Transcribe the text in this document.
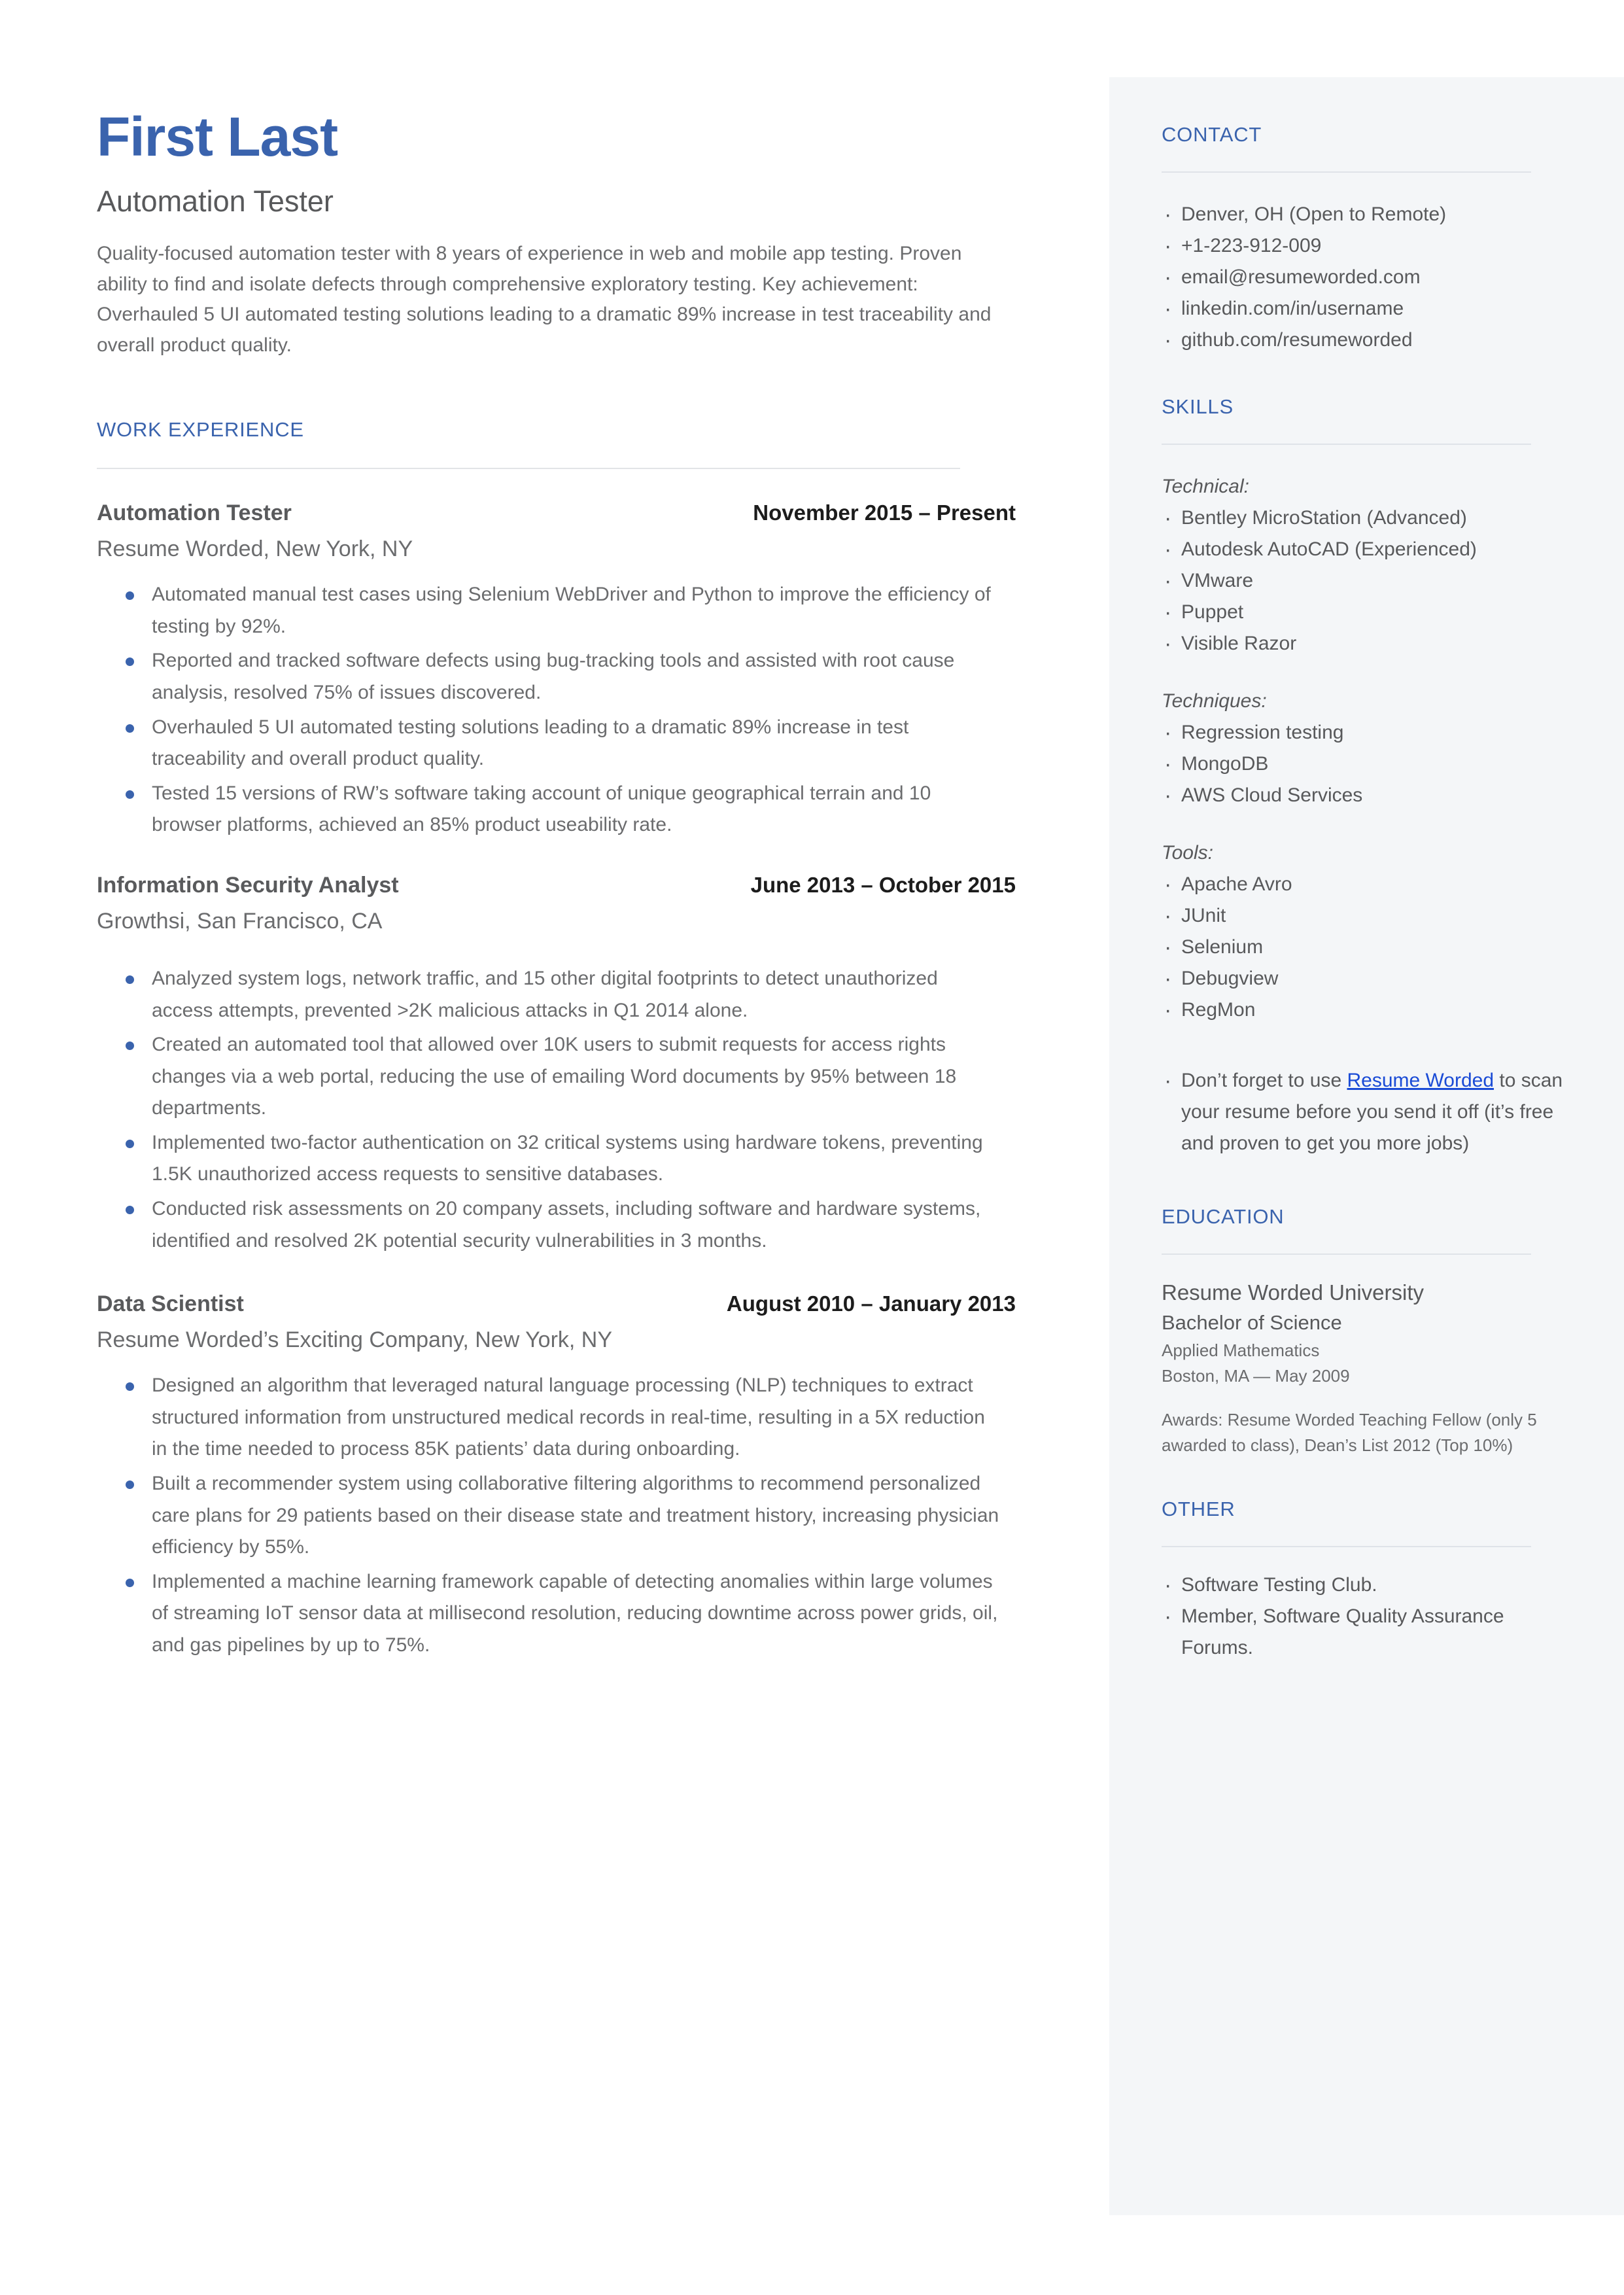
First Last
Automation Tester

Quality-focused automation tester with 8 years of experience in web and mobile app testing. Proven ability to find and isolate defects through comprehensive exploratory testing. Key achievement: Overhauled 5 UI automated testing solutions leading to a dramatic 89% increase in test traceability and overall product quality.

WORK EXPERIENCE
Automation Tester	November 2015 – Present
Resume Worded, New York, NY
Automated manual test cases using Selenium WebDriver and Python to improve the efficiency of testing by 92%.
Reported and tracked software defects using bug-tracking tools and assisted with root cause analysis, resolved 75% of issues discovered.
Overhauled 5 UI automated testing solutions leading to a dramatic 89% increase in test traceability and overall product quality.
Tested 15 versions of RW’s software taking account of unique geographical terrain and 10 browser platforms, achieved an 85% product useability rate.
Information Security Analyst	June 2013 – October 2015
Growthsi, San Francisco, CA
Analyzed system logs, network traffic, and 15 other digital footprints to detect unauthorized access attempts, prevented >2K malicious attacks in Q1 2014 alone.
Created an automated tool that allowed over 10K users to submit requests for access rights changes via a web portal, reducing the use of emailing Word documents by 95% between 18 departments.
Implemented two-factor authentication on 32 critical systems using hardware tokens, preventing 1.5K unauthorized access requests to sensitive databases.
Conducted risk assessments on 20 company assets, including software and hardware systems, identified and resolved 2K potential security vulnerabilities in 3 months.
Data Scientist	August 2010 – January 2013
Resume Worded’s Exciting Company, New York, NY
Designed an algorithm that leveraged natural language processing (NLP) techniques to extract structured information from unstructured medical records in real-time, resulting in a 5X reduction in the time needed to process 85K patients’ data during onboarding.
Built a recommender system using collaborative filtering algorithms to recommend personalized care plans for 29 patients based on their disease state and treatment history, increasing physician efficiency by 55%.
Implemented a machine learning framework capable of detecting anomalies within large volumes of streaming IoT sensor data at millisecond resolution, reducing downtime across power grids, oil, and gas pipelines by up to 75%.
CONTACT
· Denver, OH (Open to Remote)
· +1-223-912-009
· email@resumeworded.com
· linkedin.com/in/username
· github.com/resumeworded
SKILLS
Technical:
· Bentley MicroStation (Advanced)
· Autodesk AutoCAD (Experienced)
· VMware
· Puppet
· Visible Razor
Techniques:
· Regression testing
· MongoDB
· AWS Cloud Services
Tools:
· Apache Avro
· JUnit
· Selenium
· Debugview
· RegMon
· Don’t forget to use Resume Worded to scan your resume before you send it off (it’s free and proven to get you more jobs)
EDUCATION
Resume Worded University
Bachelor of Science
Applied Mathematics
Boston, MA — May 2009
Awards: Resume Worded Teaching Fellow (only 5 awarded to class), Dean’s List 2012 (Top 10%)
OTHER
· Software Testing Club.
· Member, Software Quality Assurance Forums.
